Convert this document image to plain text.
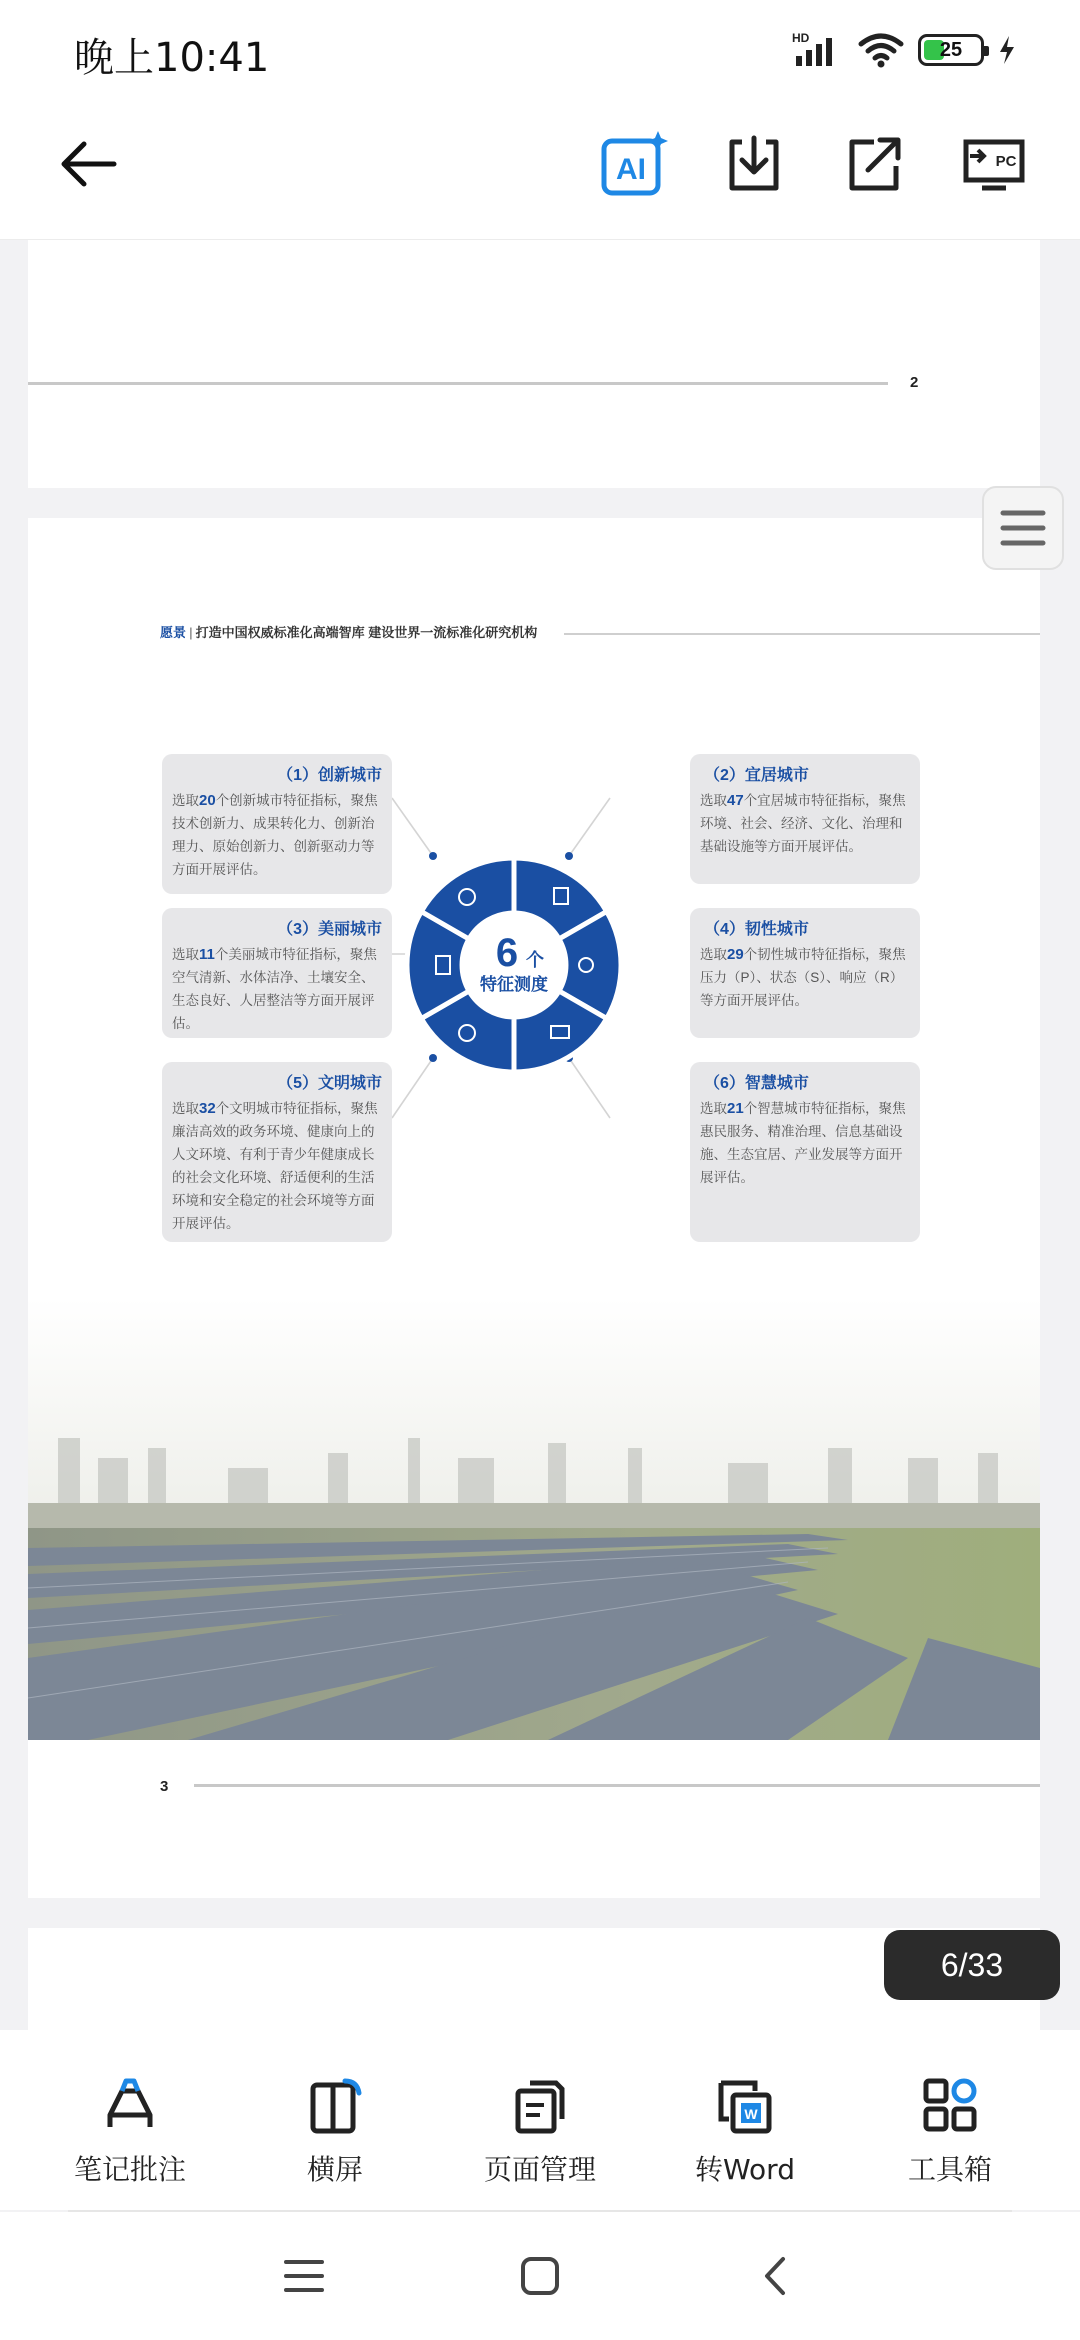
晚上10:41	HD
25
AI	PC
2
愿景 | 打造中国权威标准化高端智库 建设世界一流标准化研究机构
6 个
特征测度
（1）创新城市
选取20个创新城市特征指标，聚焦技术创新力、成果转化力、创新治理力、原始创新力、创新驱动力等方面开展评估。
（2）宜居城市
选取47个宜居城市特征指标，聚焦环境、社会、经济、文化、治理和基础设施等方面开展评估。
（3）美丽城市
选取11个美丽城市特征指标，聚焦空气清新、水体洁净、土壤安全、生态良好、人居整洁等方面开展评估。
（4）韧性城市
选取29个韧性城市特征指标，聚焦压力（P）、状态（S）、响应（R）等方面开展评估。
（5）文明城市
选取32个文明城市特征指标，聚焦廉洁高效的政务环境、健康向上的人文环境、有利于青少年健康成长的社会文化环境、舒适便利的生活环境和安全稳定的社会环境等方面开展评估。
（6）智慧城市
选取21个智慧城市特征指标，聚焦惠民服务、精准治理、信息基础设施、生态宜居、产业发展等方面开展评估。
3
6/33
笔记批注	横屏	页面管理
W
转Word	工具箱
